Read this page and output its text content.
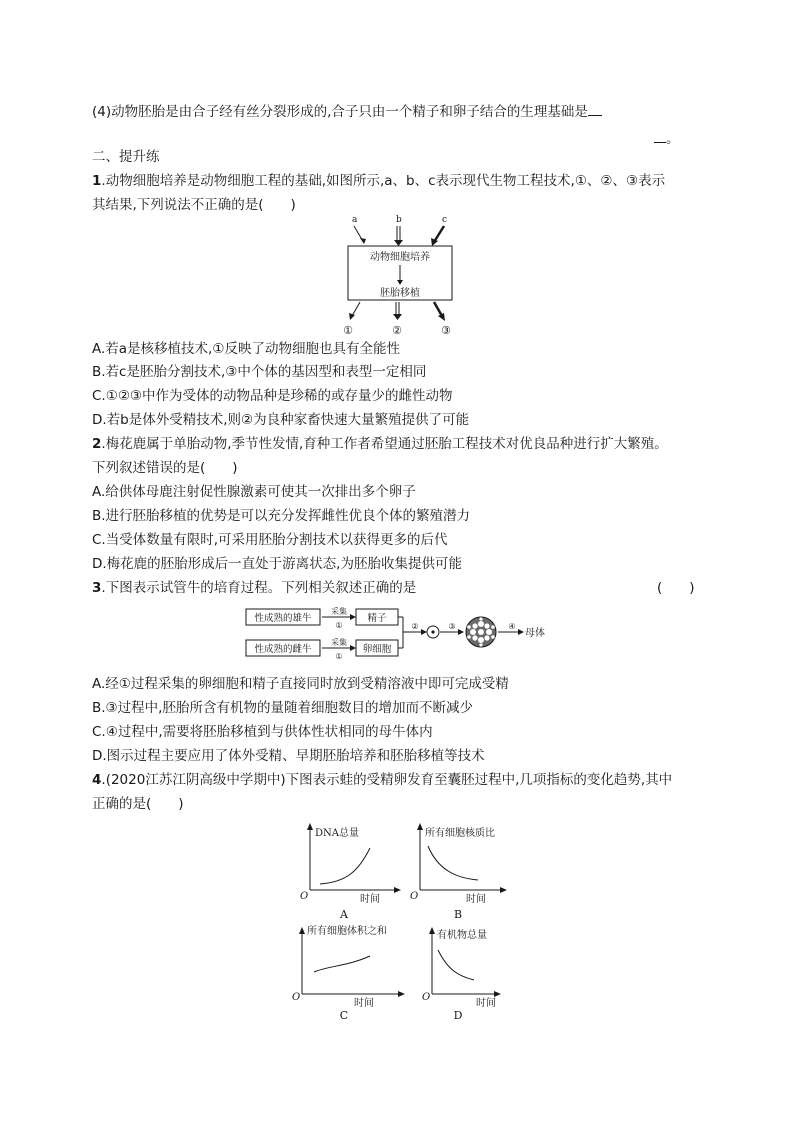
(4)动物胚胎是由合子经有丝分裂形成的,合子只由一个精子和卵子结合的生理基础是
。
二、提升练
1.动物细胞培养是动物细胞工程的基础,如图所示,a、b、c表示现代生物工程技术,①、②、③表示
其结果,下列说法不正确的是(　　)
a	b	c
动物细胞培养
胚胎移植
①	②	③
A.若a是核移植技术,①反映了动物细胞也具有全能性
B.若c是胚胎分割技术,③中个体的基因型和表型一定相同
C.①②③中作为受体的动物品种是珍稀的或存量少的雌性动物
D.若b是体外受精技术,则②为良种家畜快速大量繁殖提供了可能
2.梅花鹿属于单胎动物,季节性发情,育种工作者希望通过胚胎工程技术对优良品种进行扩大繁殖。
下列叙述错误的是(　　)
A.给供体母鹿注射促性腺激素可使其一次排出多个卵子
B.进行胚胎移植的优势是可以充分发挥雌性优良个体的繁殖潜力
C.当受体数量有限时,可采用胚胎分割技术以获得更多的后代
D.梅花鹿的胚胎形成后一直处于游离状态,为胚胎收集提供可能
3.下图表示试管牛的培育过程。下列相关叙述正确的是	(　　)
性成熟的雄牛
性成熟的雌牛
采集
①
采集
①
精子
卵细胞
②	③	④
母体
A.经①过程采集的卵细胞和精子直接同时放到受精溶液中即可完成受精
B.③过程中,胚胎所含有机物的量随着细胞数目的增加而不断减少
C.④过程中,需要将胚胎移植到与供体性状相同的母牛体内
D.图示过程主要应用了体外受精、早期胚胎培养和胚胎移植等技术
4.(2020江苏江阴高级中学期中)下图表示蛙的受精卵发育至囊胚过程中,几项指标的变化趋势,其中
正确的是(　　)
DNA总量
O	时间
A
所有细胞核质比
O	时间
B
所有细胞体积之和
O
时间
C
有机物总量
O
时间
D
